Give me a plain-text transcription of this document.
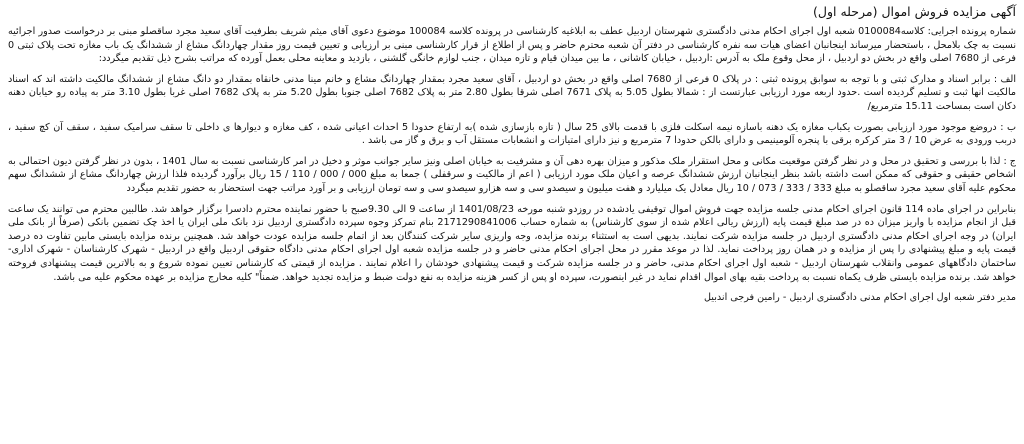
آگهی مزایده فروش اموال (مرحله اول)
شماره پرونده اجرایی: کلاسه0100084 شعبه اول اجرای احکام مدنی دادگستری شهرستان اردبیل عطف به ابلاغیه کارشناسی در پرونده کلاسه 100084 موضوع دعوی آقای میثم شریف بطرفیت آقای سعید مجرد ساقصلو مبنی بر درخواست صدور اجرائیه نسبت به چک بلامحل ، باستحضار میرساند اینجانبان اعضای هیات سه نفره کارشناسی در دفتر آن شعبه محترم حاضر و پس از اطلاع از قرار کارشناسی مبنی بر ارزیابی و تعیین قیمت روز مقدار چهاردانگ مشاع از ششدانگ یک باب مغازه تحت پلاک ثبتی 0 فرعی از 7680 اصلی واقع در بخش دو اردبیل ، از محل وقوع ملک به آدرس :اردبیل ، خیابان کاشانی ، ما بین میدان قیام و تازه میدان ، جنب لوازم خانگی گلشنی ، بازدید و معاینه محلی بعمل آورده که مراتب بشرح ذیل تقدیم میگردد:
الف : برابر اسناد و مدارک ثبتی و با توجه به سوابق پرونده ثبتی : در پلاک 0 فرعی از 7680 اصلی واقع در بخش دو اردبیل ، آقای سعید مجرد بمقدار چهاردانگ مشاع و خانم مینا مدنی خانقاه بمقدار دو دانگ مشاع از ششدانگ مالکیت داشته اند که اسناد مالکیت انها ثبت و تسلیم گردیده است .حدود اربعه مورد ارزیابی عبارتست از : شمالا بطول 5.05 به پلاک 7671 اصلی شرقا بطول 2.80 متر به پلاک 7682 اصلی جنوبا بطول 5.20 متر به پلاک 7682 اصلی غربا بطول 3.10 متر به پیاده رو خیابان دهنه دکان است بمساحت 15.11 مترمربع/
ب : دروضع موجود مورد ارزیابی بصورت یکباب مغازه یک دهنه باسازه نیمه اسکلت فلزی با قدمت بالای 25 سال ( تازه بازسازی شده )به ارتفاع حدودا 5 احداث اعیانی شده ، کف مغازه و دیوارها ی داخلی تا سقف سرامیک سفید ، سقف آن کچ سفید ، دربب ورودی به عرض 10 / 3 متر کرکره برقی با پنجره آلومینیمی و دارای بالکن حدودا 7 مترمربع و نیز دارای امتیازات و انشعابات مستقل آب و برق و گاز می باشد .
ج : لذا با بررسی و تحقیق در محل و در نظر گرفتن موقعیت مکانی و محل استقرار ملک مذکور و میزان بهره دهی آن و مشرفیت به خیابان اصلی ونیز سایر جوانب موثر و دخیل در امر کارشناسی نسبت به سال 1401 ، بدون در نظر گرفتن دیون احتمالی به اشخاص حقیقی و حقوقی که ممکن است داشته باشد بنظر اینجانبان ارزش ششدانگ عرصه و اعیان ملک مورد ارزیابی ( اعم از مالکیت و سرقفلی ) جمعا به مبلغ 000 / 000 / 110 / 15 ریال برآورد گردیده فلذا ارزش چهاردانگ مشاع از ششدانگ سهم محکوم علیه آقای سعید مجرد ساقصلو به مبلغ 333 / 333 / 073 / 10 ریال معادل یک میلیارد و هفت میلیون و سیصدو سی و سه هزارو سیصدو سی و سه تومان ارزیابی و بر آورد مراتب جهت استحضار به حضور تقدیم میگردد
بنابراین در اجرای ماده 114 قانون اجرای احکام مدنی جلسه مزایده جهت فروش اموال توقیفی یادشده در روزدو شنبه مورخه 1401/08/23 از ساعت 9 الی 9.30صبح با حضور نماینده محترم دادسرا برگزار خواهد شد. طالبین محترم می توانند یک ساعت قبل از انجام مزایده با واریز میزان ده در صد مبلغ قیمت پایه (ارزش ریالی اعلام شده از سوی کارشناس) به شماره حساب 2171290841006 بنام تمرکز وجوه سپرده دادگستری اردبیل نزد بانک ملی ایران یا اخذ چک تضمین بانکی (صرفاً از بانک ملی ایران) در وجه اجرای احکام مدنی دادگستری اردبیل در جلسه مزایده شرکت نمایند. بدیهی است به استثناء برنده مزایده، وجه واریزی سایر شرکت کنندگان بعد از اتمام جلسه مزایده عودت خواهد شد. همچنین برنده مزایده بایستی مابین تفاوت ده درصد قیمت پایه و مبلغ پیشنهادی را پس از مزایده و در همان روز پرداخت نماید. لذا در موعد مقرر در محل اجرای احکام مدنی حاضر و در جلسه مزایده شعبه اول اجرای احکام مدنی دادگاه حقوقی اردبیل واقع در اردبیل - شهرک کارشناسان - شهرک اداری- ساختمان دادگاههای عمومی وانقلاب شهرستان اردبیل - شعبه اول اجرای احکام مدنی، حاضر و در جلسه مزایده شرکت و قیمت پیشنهادی خودشان را اعلام نمایند . مزایده از قیمتی که کارشناس تعیین نموده شروع و به بالاترین قیمت پیشنهادی فروخته خواهد شد. برنده مزایده بایستی ظرف یکماه نسبت به پرداخت بقیه بهای اموال اقدام نماید در غیر اینصورت، سپرده او پس از کسر هزینه مزایده به نفع دولت ضبط و مزایده تجدید خواهد. ضمناً" کلیه مخارج مزایده بر عهده محکوم علیه می باشد.
مدیر دفتر شعبه اول اجرای احکام مدنی دادگستری اردبیل - رامین فرجی اندبیل
